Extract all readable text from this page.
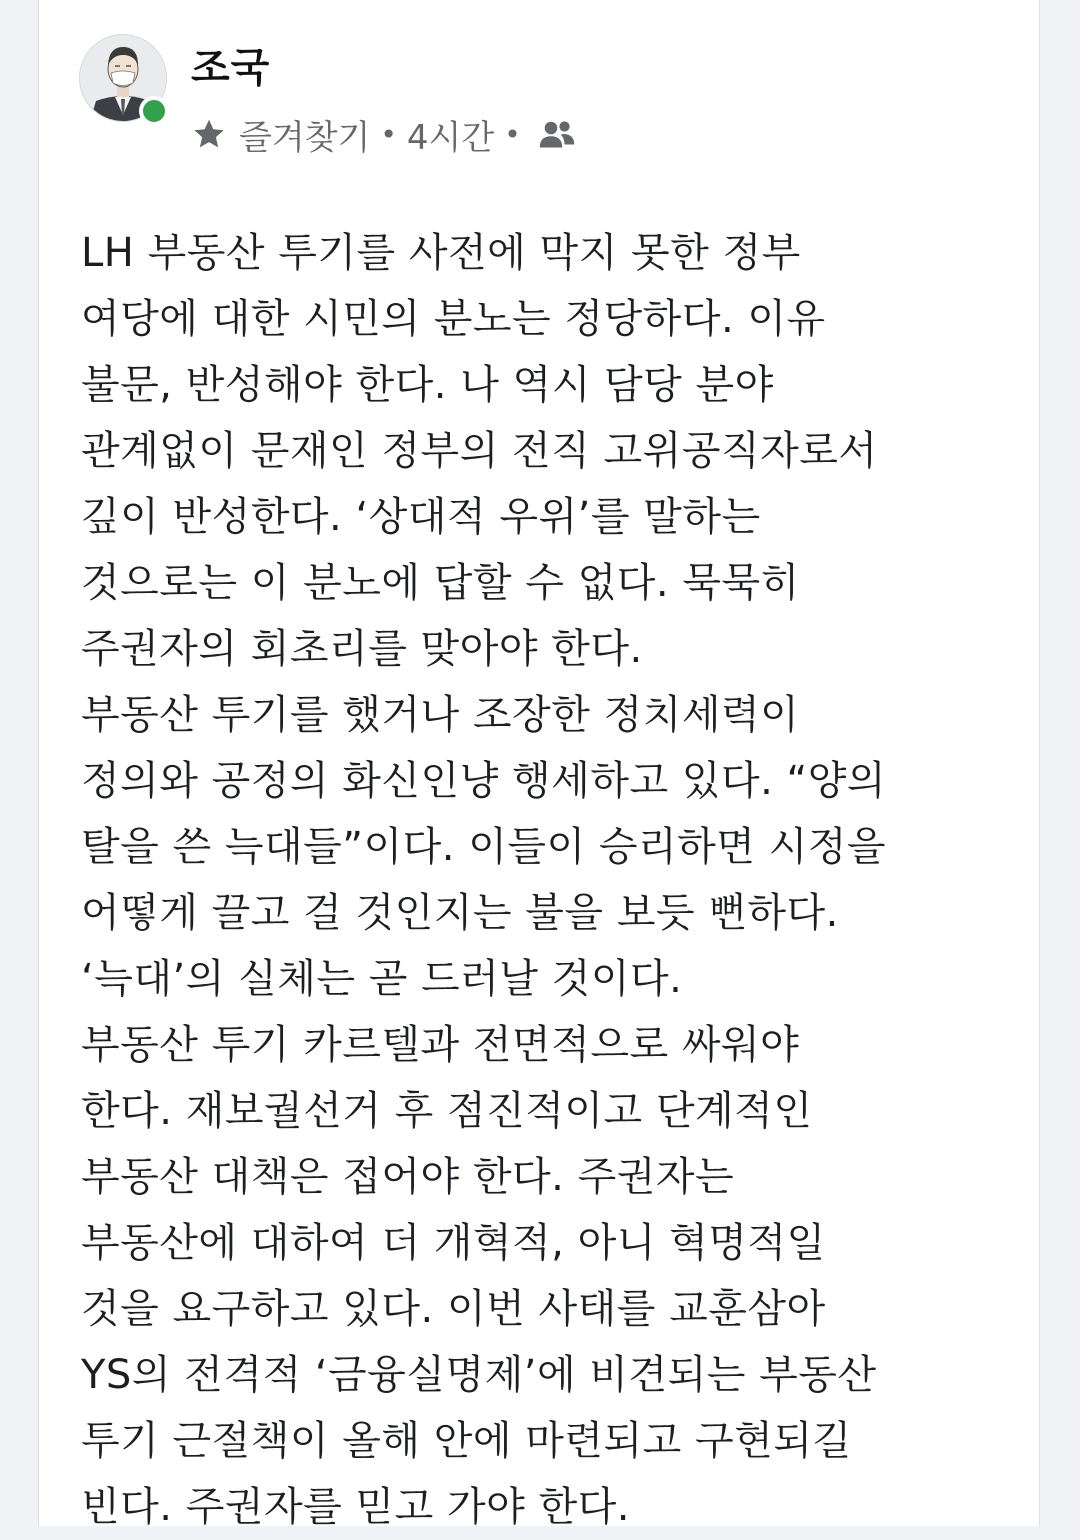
조국
즐겨찾기 • 4시간 •

LH 부동산 투기를 사전에 막지 못한 정부

여당에 대한 시민의 분노는 정당하다. 이유

불문, 반성해야 한다. 나 역시 담당 분야

관계없이 문재인 정부의 전직 고위공직자로서

깊이 반성한다. ‘상대적 우위’를 말하는

것으로는 이 분노에 답할 수 없다. 묵묵히

주권자의 회초리를 맞아야 한다.

부동산 투기를 했거나 조장한 정치세력이

정의와 공정의 화신인냥 행세하고 있다. “양의

탈을 쓴 늑대들”이다. 이들이 승리하면 시정을

어떻게 끌고 걸 것인지는 불을 보듯 뻔하다.

‘늑대’의 실체는 곧 드러날 것이다.

부동산 투기 카르텔과 전면적으로 싸워야

한다. 재보궐선거 후 점진적이고 단계적인

부동산 대책은 접어야 한다. 주권자는

부동산에 대하여 더 개혁적, 아니 혁명적일

것을 요구하고 있다. 이번 사태를 교훈삼아

YS의 전격적 ‘금융실명제’에 비견되는 부동산

투기 근절책이 올해 안에 마련되고 구현되길

빈다. 주권자를 믿고 가야 한다.
